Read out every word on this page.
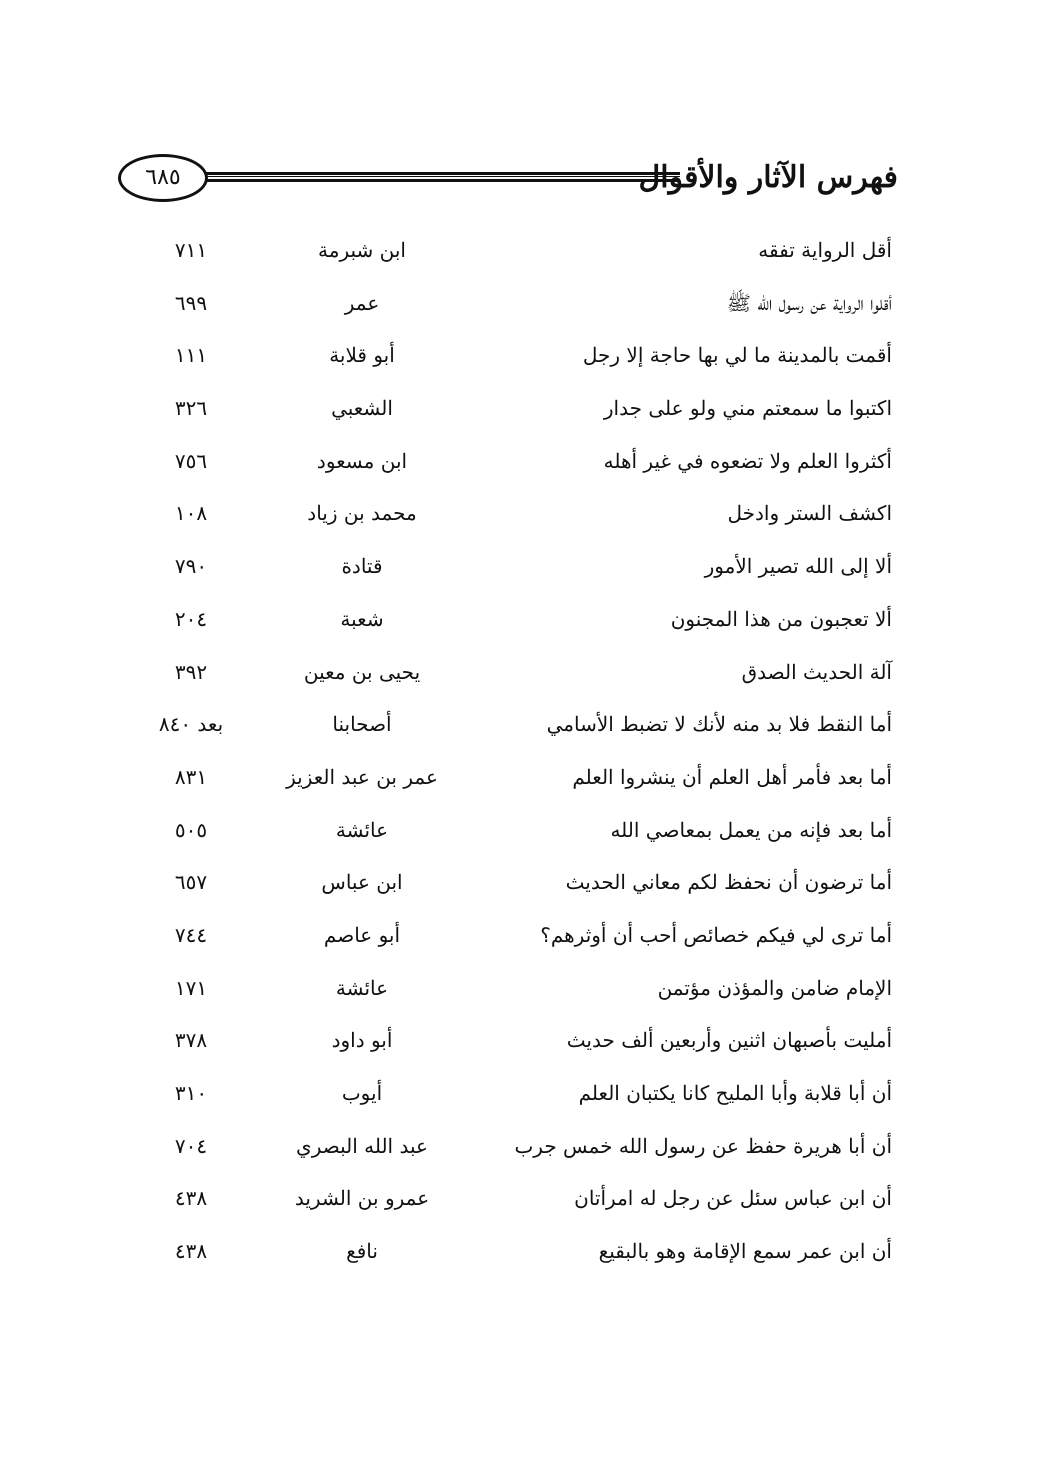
٦٨٥	فهرس الآثار والأقوال
أقل الرواية تفقه
ابن شبرمة
٧١١
أقلوا الرواية عن رسول الله ﷺ
عمر
٦٩٩
أقمت بالمدينة ما لي بها حاجة إلا رجل
أبو قلابة
١١١
اكتبوا ما سمعتم مني ولو على جدار
الشعبي
٣٢٦
أكثروا العلم ولا تضعوه في غير أهله
ابن مسعود
٧٥٦
اكشف الستر وادخل
محمد بن زياد
١٠٨
ألا إلى الله تصير الأمور
قتادة
٧٩٠
ألا تعجبون من هذا المجنون
شعبة
٢٠٤
آلة الحديث الصدق
يحيى بن معين
٣٩٢
أما النقط فلا بد منه لأنك لا تضبط الأسامي
أصحابنا
بعد ٨٤٠
أما بعد فأمر أهل العلم أن ينشروا العلم
عمر بن عبد العزيز
٨٣١
أما بعد فإنه من يعمل بمعاصي الله
عائشة
٥٠٥
أما ترضون أن نحفظ لكم معاني الحديث
ابن عباس
٦٥٧
أما ترى لي فيكم خصائص أحب أن أوثرهم؟
أبو عاصم
٧٤٤
الإمام ضامن والمؤذن مؤتمن
عائشة
١٧١
أمليت بأصبهان اثنين وأربعين ألف حديث
أبو داود
٣٧٨
أن أبا قلابة وأبا المليح كانا يكتبان العلم
أيوب
٣١٠
أن أبا هريرة حفظ عن رسول الله خمس جرب
عبد الله البصري
٧٠٤
أن ابن عباس سئل عن رجل له امرأتان
عمرو بن الشريد
٤٣٨
أن ابن عمر سمع الإقامة وهو بالبقيع
نافع
٤٣٨
